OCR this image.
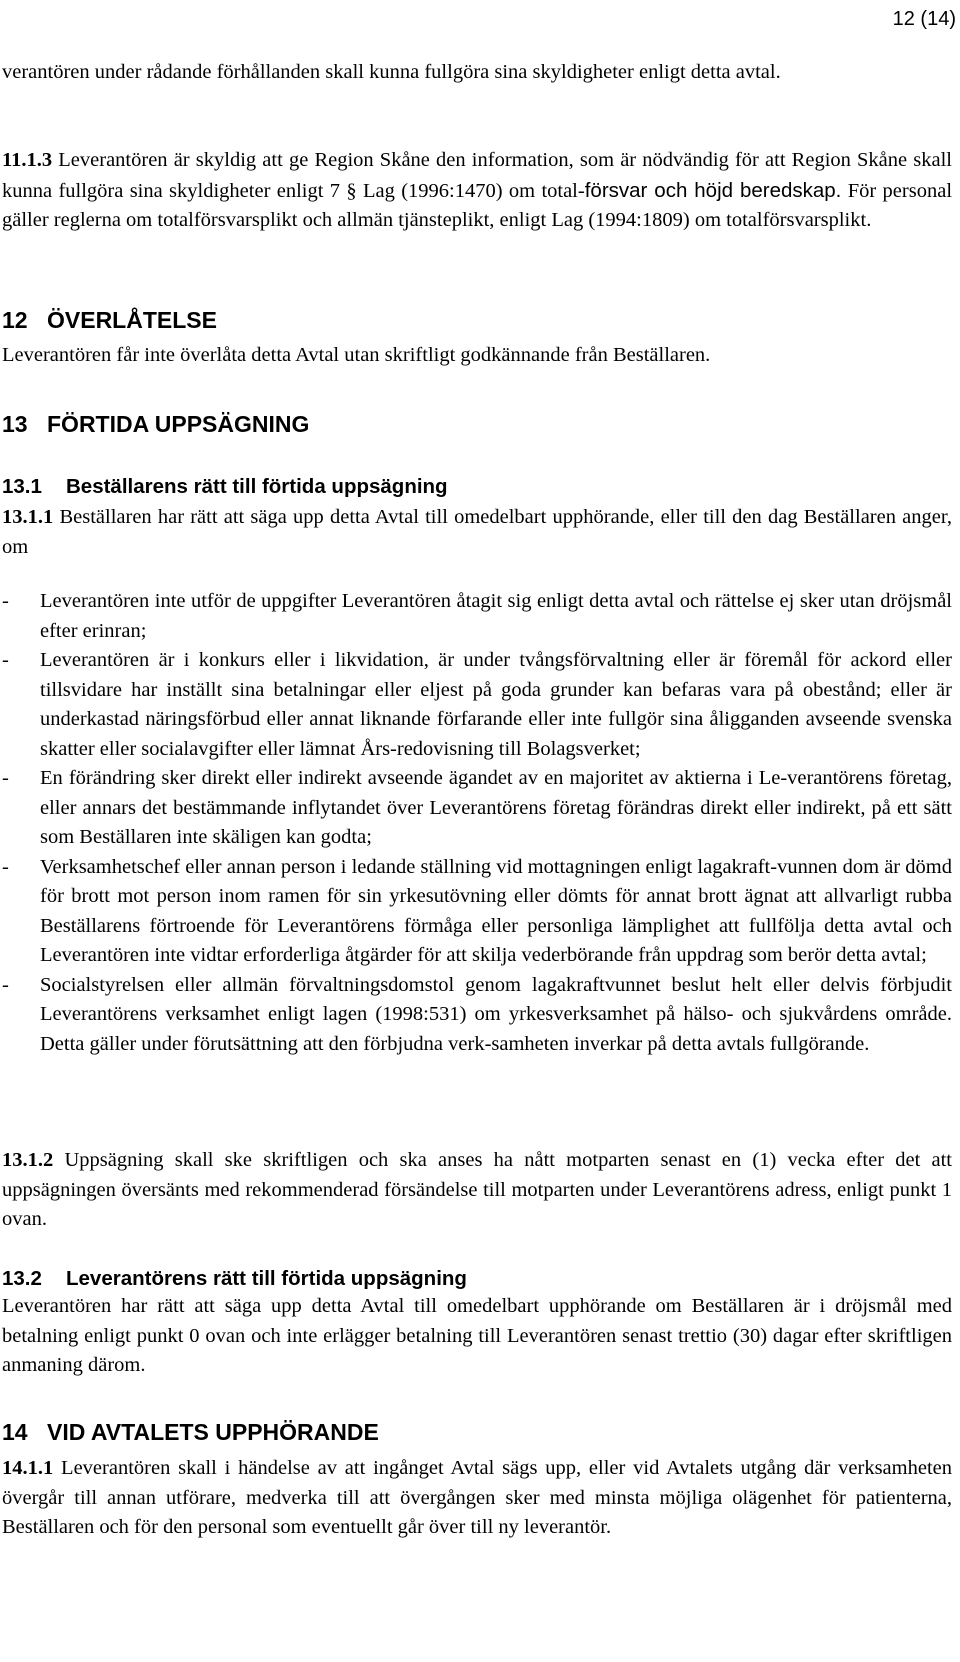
12 (14)

verantören under rådande förhållanden skall kunna fullgöra sina skyldigheter enligt detta avtal.

11.1.3 Leverantören är skyldig att ge Region Skåne den information, som är nödvändig för att Region Skåne skall kunna fullgöra sina skyldigheter enligt 7 § Lag (1996:1470) om total-försvar och höjd beredskap. För personal gäller reglerna om totalförsvarsplikt och allmän tjänsteplikt, enligt Lag (1994:1809) om totalförsvarsplikt.

12 ÖVERLÅTELSE

Leverantören får inte överlåta detta Avtal utan skriftligt godkännande från Beställaren.

13 FÖRTIDA UPPSÄGNING
13.1 Beställarens rätt till förtida uppsägning

13.1.1 Beställaren har rätt att säga upp detta Avtal till omedelbart upphörande, eller till den dag Beställaren anger, om

- Leverantören inte utför de uppgifter Leverantören åtagit sig enligt detta avtal och rättelse ej sker utan dröjsmål efter erinran;
- Leverantören är i konkurs eller i likvidation, är under tvångsförvaltning eller är föremål för ackord eller tillsvidare har inställt sina betalningar eller eljest på goda grunder kan befaras vara på obestånd; eller är underkastad näringsförbud eller annat liknande förfarande eller inte fullgör sina åligganden avseende svenska skatter eller socialavgifter eller lämnat Års-redovisning till Bolagsverket;
- En förändring sker direkt eller indirekt avseende ägandet av en majoritet av aktierna i Le-verantörens företag, eller annars det bestämmande inflytandet över Leverantörens företag förändras direkt eller indirekt, på ett sätt som Beställaren inte skäligen kan godta;
- Verksamhetschef eller annan person i ledande ställning vid mottagningen enligt lagakraft-vunnen dom är dömd för brott mot person inom ramen för sin yrkesutövning eller dömts för annat brott ägnat att allvarligt rubba Beställarens förtroende för Leverantörens förmåga eller personliga lämplighet att fullfölja detta avtal och Leverantören inte vidtar erforderliga åtgärder för att skilja vederbörande från uppdrag som berör detta avtal;
- Socialstyrelsen eller allmän förvaltningsdomstol genom lagakraftvunnet beslut helt eller delvis förbjudit Leverantörens verksamhet enligt lagen (1998:531) om yrkesverksamhet på hälso- och sjukvårdens område. Detta gäller under förutsättning att den förbjudna verk-samheten inverkar på detta avtals fullgörande.

13.1.2 Uppsägning skall ske skriftligen och ska anses ha nått motparten senast en (1) vecka efter det att uppsägningen översänts med rekommenderad försändelse till motparten under Leverantörens adress, enligt punkt 1 ovan.

13.2 Leverantörens rätt till förtida uppsägning

Leverantören har rätt att säga upp detta Avtal till omedelbart upphörande om Beställaren är i dröjsmål med betalning enligt punkt 0 ovan och inte erlägger betalning till Leverantören senast trettio (30) dagar efter skriftligen anmaning därom.

14 VID AVTALETS UPPHÖRANDE

14.1.1 Leverantören skall i händelse av att ingånget Avtal sägs upp, eller vid Avtalets utgång där verksamheten övergår till annan utförare, medverka till att övergången sker med minsta möjliga olägenhet för patienterna, Beställaren och för den personal som eventuellt går över till ny leverantör.
